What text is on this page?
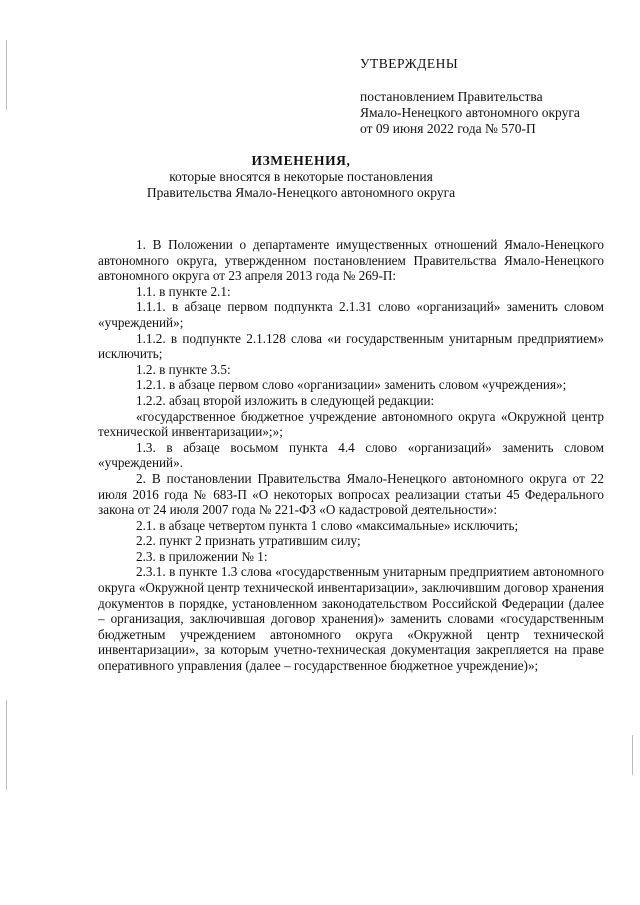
УТВЕРЖДЕНЫ
постановлением Правительства
Ямало-Ненецкого автономного округа
от 09 июня 2022 года № 570-П
ИЗМЕНЕНИЯ,
которые вносятся в некоторые постановления
Правительства Ямало-Ненецкого автономного округа

1. В Положении о департаменте имущественных отношений Ямало-Ненецкого автономного округа, утвержденном постановлением Правительства Ямало-Ненецкого автономного округа от 23 апреля 2013 года № 269-П:

1.1. в пункте 2.1:

1.1.1. в абзаце первом подпункта 2.1.31 слово «организаций» заменить словом «учреждений»;

1.1.2. в подпункте 2.1.128 слова «и государственным унитарным предприятием» исключить;

1.2. в пункте 3.5:

1.2.1. в абзаце первом слово «организации» заменить словом «учреждения»;

1.2.2. абзац второй изложить в следующей редакции:

«государственное бюджетное учреждение автономного округа «Окружной центр технической инвентаризации»;»;

1.3. в абзаце восьмом пункта 4.4 слово «организаций» заменить словом «учреждений».

2. В постановлении Правительства Ямало-Ненецкого автономного округа от 22 июля 2016 года № 683-П «О некоторых вопросах реализации статьи 45 Федерального закона от 24 июля 2007 года № 221-ФЗ «О кадастровой деятельности»:

2.1. в абзаце четвертом пункта 1 слово «максимальные» исключить;

2.2. пункт 2 признать утратившим силу;

2.3. в приложении № 1:

2.3.1. в пункте 1.3 слова «государственным унитарным предприятием автономного округа «Окружной центр технической инвентаризации», заключившим договор хранения документов в порядке, установленном законодательством Российской Федерации (далее – организация, заключившая договор хранения)» заменить словами «государственным бюджетным учреждением автономного округа «Окружной центр технической инвентаризации», за которым учетно-техническая документация закрепляется на праве оперативного управления (далее – государственное бюджетное учреждение)»;
